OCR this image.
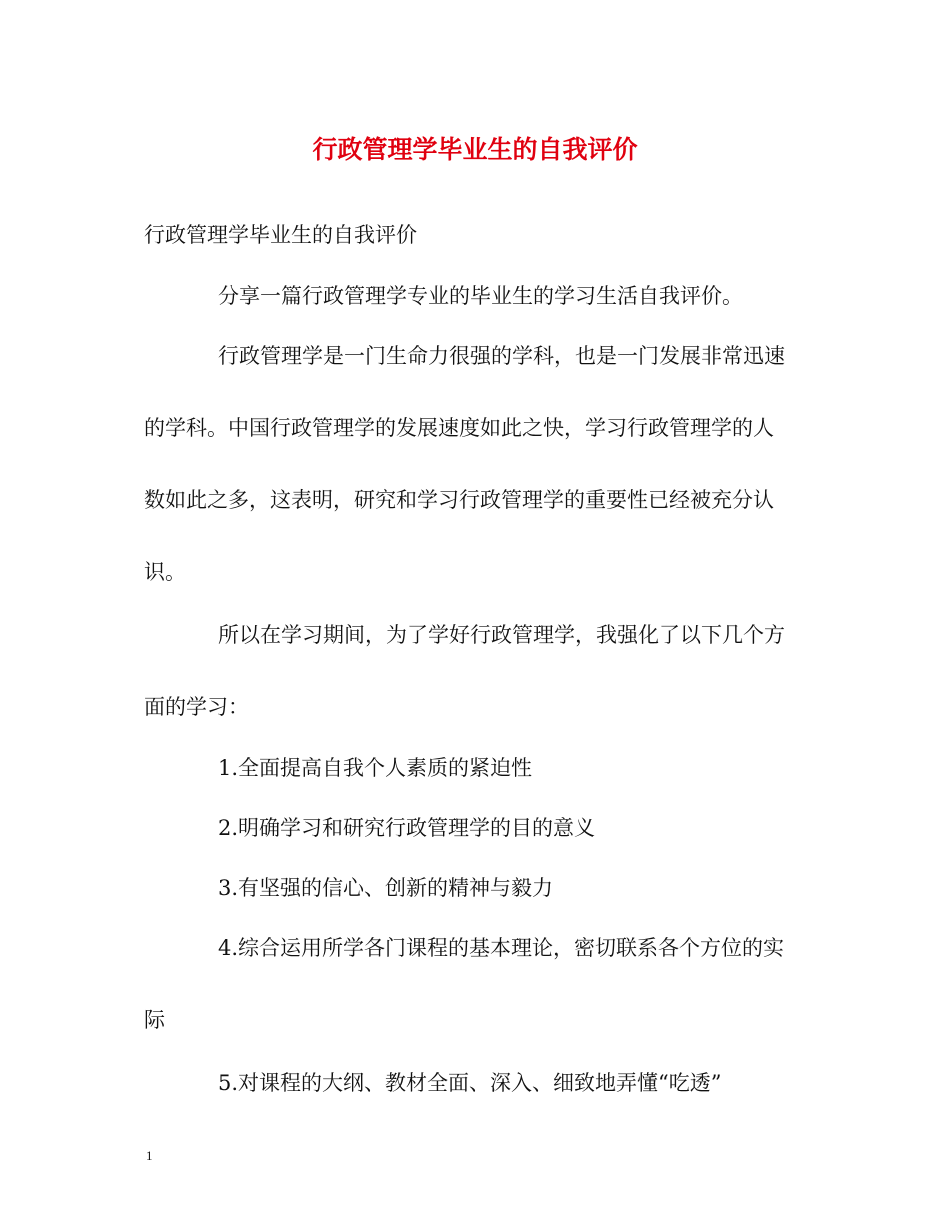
行政管理学毕业生的自我评价
行政管理学毕业生的自我评价
分享一篇行政管理学专业的毕业生的学习生活自我评价。
行政管理学是一门生命力很强的学科，也是一门发展非常迅速
的学科。中国行政管理学的发展速度如此之快，学习行政管理学的人
数如此之多，这表明，研究和学习行政管理学的重要性已经被充分认
识。
所以在学习期间，为了学好行政管理学，我强化了以下几个方
面的学习：
1.全面提高自我个人素质的紧迫性
2.明确学习和研究行政管理学的目的意义
3.有坚强的信心、创新的精神与毅力
4.综合运用所学各门课程的基本理论，密切联系各个方位的实
际
5.对课程的大纲、教材全面、深入、细致地弄懂“吃透”
1
